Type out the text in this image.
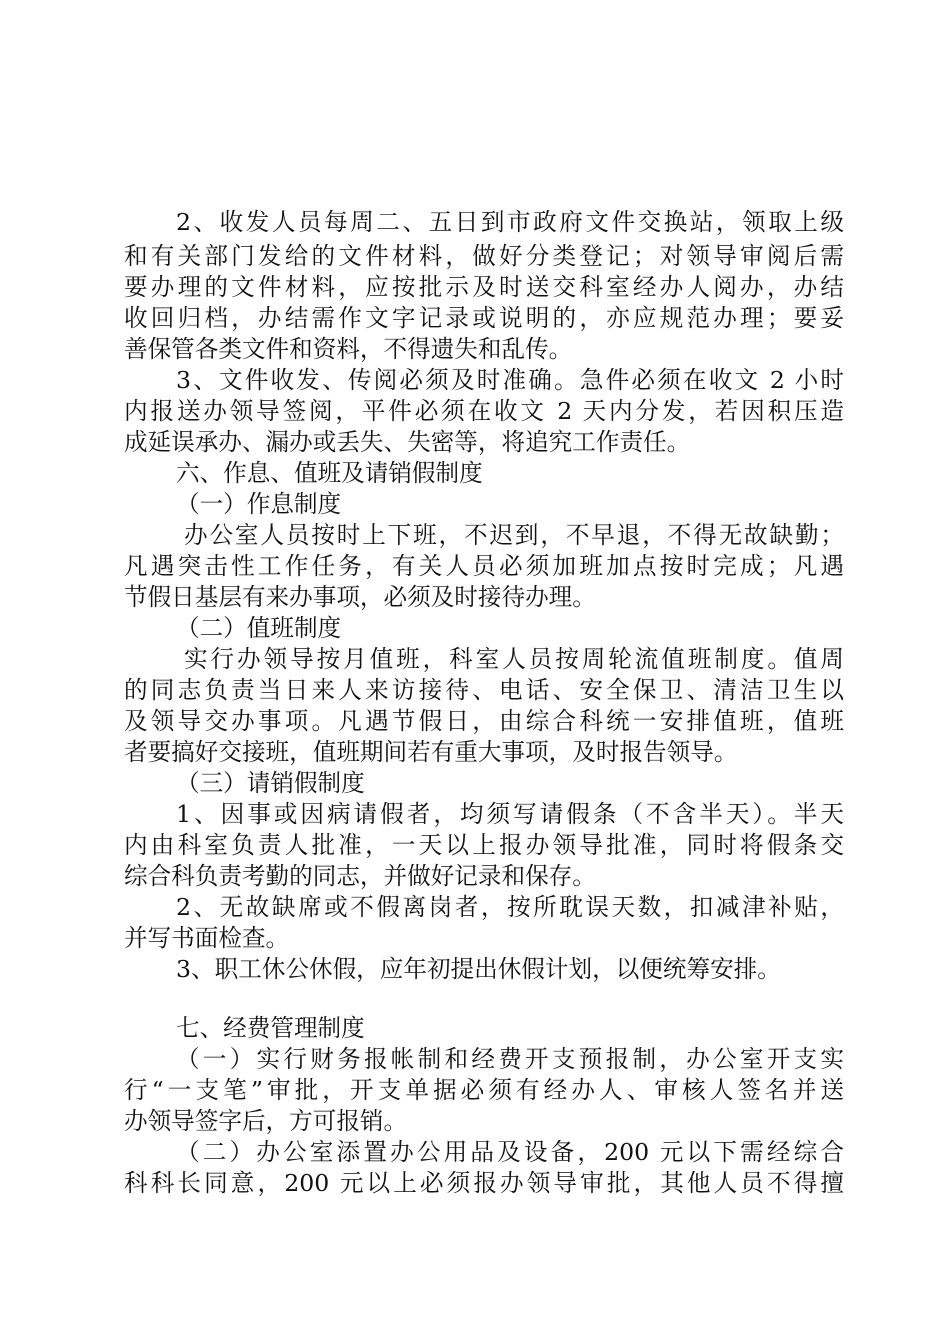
2、收发人员每周二、五日到市政府文件交换站，领取上级
和有关部门发给的文件材料，做好分类登记；对领导审阅后需
要办理的文件材料，应按批示及时送交科室经办人阅办，办结
收回归档，办结需作文字记录或说明的，亦应规范办理；要妥
善保管各类文件和资料，不得遗失和乱传。
3、文件收发、传阅必须及时准确。急件必须在收文 2 小时
内报送办领导签阅，平件必须在收文 2 天内分发，若因积压造
成延误承办、漏办或丢失、失密等，将追究工作责任。
六、作息、值班及请销假制度
（一）作息制度
办公室人员按时上下班，不迟到，不早退，不得无故缺勤；
凡遇突击性工作任务，有关人员必须加班加点按时完成；凡遇
节假日基层有来办事项，必须及时接待办理。
（二）值班制度
实行办领导按月值班，科室人员按周轮流值班制度。值周
的同志负责当日来人来访接待、电话、安全保卫、清洁卫生以
及领导交办事项。凡遇节假日，由综合科统一安排值班，值班
者要搞好交接班，值班期间若有重大事项，及时报告领导。
（三）请销假制度
1、因事或因病请假者，均须写请假条（不含半天）。半天
内由科室负责人批准，一天以上报办领导批准，同时将假条交
综合科负责考勤的同志，并做好记录和保存。
2、无故缺席或不假离岗者，按所耽误天数，扣减津补贴，
并写书面检查。
3、职工休公休假，应年初提出休假计划，以便统筹安排。
七、经费管理制度
（一）实行财务报帐制和经费开支预报制，办公室开支实
行“一支笔”审批，开支单据必须有经办人、审核人签名并送
办领导签字后，方可报销。
（二）办公室添置办公用品及设备，200 元以下需经综合
科科长同意，200 元以上必须报办领导审批，其他人员不得擅
